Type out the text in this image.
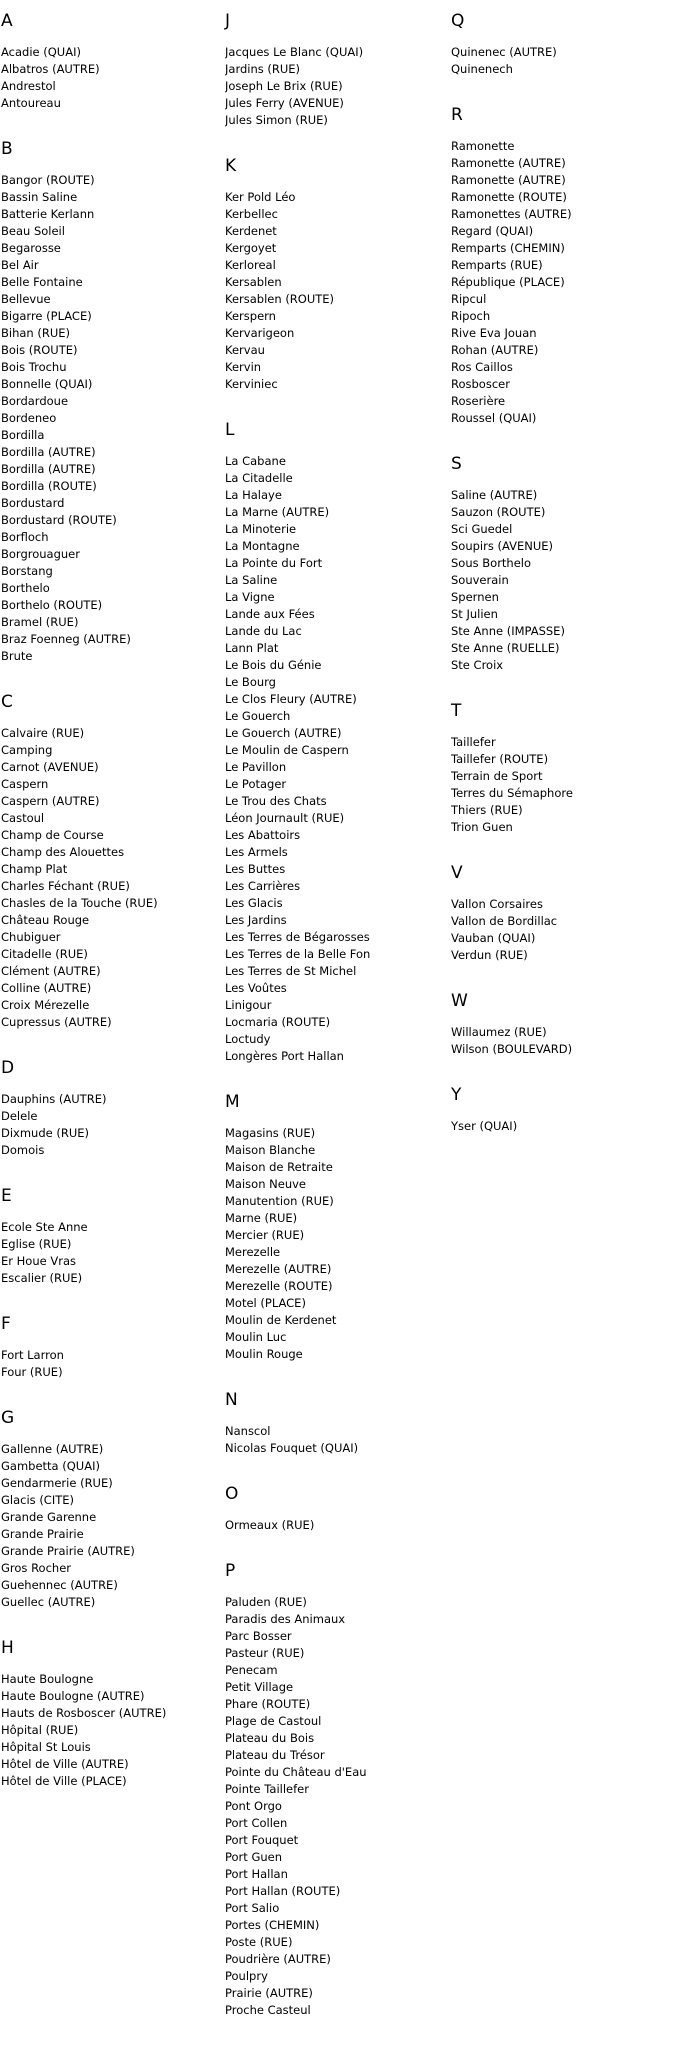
A
Acadie (QUAI)
Albatros (AUTRE)
Andrestol
Antoureau
B
Bangor (ROUTE)
Bassin Saline
Batterie Kerlann
Beau Soleil
Begarosse
Bel Air
Belle Fontaine
Bellevue
Bigarre (PLACE)
Bihan (RUE)
Bois (ROUTE)
Bois Trochu
Bonnelle (QUAI)
Bordardoue
Bordeneo
Bordilla
Bordilla (AUTRE)
Bordilla (AUTRE)
Bordilla (ROUTE)
Bordustard
Bordustard (ROUTE)
Borfloch
Borgrouaguer
Borstang
Borthelo
Borthelo (ROUTE)
Bramel (RUE)
Braz Foenneg (AUTRE)
Brute
C
Calvaire (RUE)
Camping
Carnot (AVENUE)
Caspern
Caspern (AUTRE)
Castoul
Champ de Course
Champ des Alouettes
Champ Plat
Charles Féchant (RUE)
Chasles de la Touche (RUE)
Château Rouge
Chubiguer
Citadelle (RUE)
Clément (AUTRE)
Colline (AUTRE)
Croix Mérezelle
Cupressus (AUTRE)
D
Dauphins (AUTRE)
Delele
Dixmude (RUE)
Domois
E
Ecole Ste Anne
Eglise (RUE)
Er Houe Vras
Escalier (RUE)
F
Fort Larron
Four (RUE)
G
Gallenne (AUTRE)
Gambetta (QUAI)
Gendarmerie (RUE)
Glacis (CITE)
Grande Garenne
Grande Prairie
Grande Prairie (AUTRE)
Gros Rocher
Guehennec (AUTRE)
Guellec (AUTRE)
H
Haute Boulogne
Haute Boulogne (AUTRE)
Hauts de Rosboscer (AUTRE)
Hôpital (RUE)
Hôpital St Louis
Hôtel de Ville (AUTRE)
Hôtel de Ville (PLACE)
J
Jacques Le Blanc (QUAI)
Jardins (RUE)
Joseph Le Brix (RUE)
Jules Ferry (AVENUE)
Jules Simon (RUE)
K
Ker Pold Léo
Kerbellec
Kerdenet
Kergoyet
Kerloreal
Kersablen
Kersablen (ROUTE)
Kerspern
Kervarigeon
Kervau
Kervin
Kerviniec
L
La Cabane
La Citadelle
La Halaye
La Marne (AUTRE)
La Minoterie
La Montagne
La Pointe du Fort
La Saline
La Vigne
Lande aux Fées
Lande du Lac
Lann Plat
Le Bois du Génie
Le Bourg
Le Clos Fleury (AUTRE)
Le Gouerch
Le Gouerch (AUTRE)
Le Moulin de Caspern
Le Pavillon
Le Potager
Le Trou des Chats
Léon Journault (RUE)
Les Abattoirs
Les Armels
Les Buttes
Les Carrières
Les Glacis
Les Jardins
Les Terres de Bégarosses
Les Terres de la Belle Fon
Les Terres de St Michel
Les Voûtes
Linigour
Locmaria (ROUTE)
Loctudy
Longères Port Hallan
M
Magasins (RUE)
Maison Blanche
Maison de Retraite
Maison Neuve
Manutention (RUE)
Marne (RUE)
Mercier (RUE)
Merezelle
Merezelle (AUTRE)
Merezelle (ROUTE)
Motel (PLACE)
Moulin de Kerdenet
Moulin Luc
Moulin Rouge
N
Nanscol
Nicolas Fouquet (QUAI)
O
Ormeaux (RUE)
P
Paluden (RUE)
Paradis des Animaux
Parc Bosser
Pasteur (RUE)
Penecam
Petit Village
Phare (ROUTE)
Plage de Castoul
Plateau du Bois
Plateau du Trésor
Pointe du Château d'Eau
Pointe Taillefer
Pont Orgo
Port Collen
Port Fouquet
Port Guen
Port Hallan
Port Hallan (ROUTE)
Port Salio
Portes (CHEMIN)
Poste (RUE)
Poudrière (AUTRE)
Poulpry
Prairie (AUTRE)
Proche Casteul
Q
Quinenec (AUTRE)
Quinenech
R
Ramonette
Ramonette (AUTRE)
Ramonette (AUTRE)
Ramonette (ROUTE)
Ramonettes (AUTRE)
Regard (QUAI)
Remparts (CHEMIN)
Remparts (RUE)
République (PLACE)
Ripcul
Ripoch
Rive Eva Jouan
Rohan (AUTRE)
Ros Caillos
Rosboscer
Roserière
Roussel (QUAI)
S
Saline (AUTRE)
Sauzon (ROUTE)
Sci Guedel
Soupirs (AVENUE)
Sous Borthelo
Souverain
Spernen
St Julien
Ste Anne (IMPASSE)
Ste Anne (RUELLE)
Ste Croix
T
Taillefer
Taillefer (ROUTE)
Terrain de Sport
Terres du Sémaphore
Thiers (RUE)
Trion Guen
V
Vallon Corsaires
Vallon de Bordillac
Vauban (QUAI)
Verdun (RUE)
W
Willaumez (RUE)
Wilson (BOULEVARD)
Y
Yser (QUAI)
